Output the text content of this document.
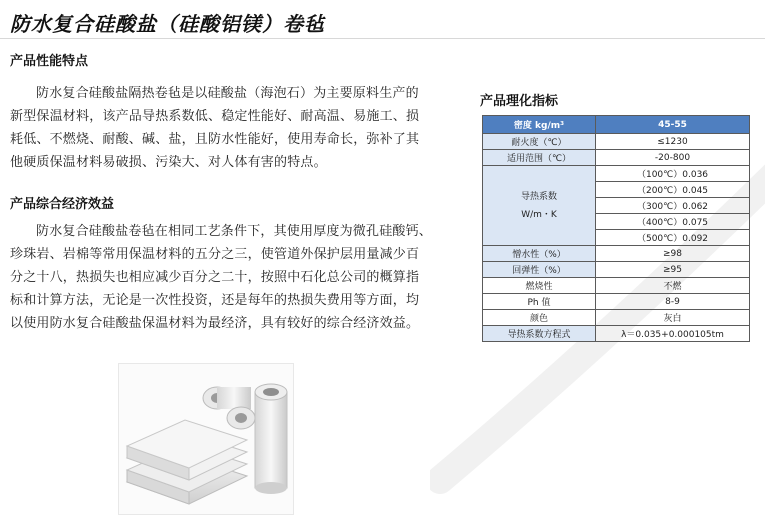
防水复合硅酸盐（硅酸铝镁）卷毡
产品性能特点
防水复合硅酸盐隔热卷毡是以硅酸盐（海泡石）为主要原料生产的
新型保温材料，该产品导热系数低、稳定性能好、耐高温、易施工、损
耗低、不燃烧、耐酸、碱、盐，且防水性能好，使用寿命长，弥补了其
他硬质保温材料易破损、污染大、对人体有害的特点。
产品综合经济效益
防水复合硅酸盐卷毡在相同工艺条件下，其使用厚度为微孔硅酸钙、
珍珠岩、岩棉等常用保温材料的五分之三，使管道外保护层用量减少百
分之十八，热损失也相应减少百分之二十，按照中石化总公司的概算指
标和计算方法，无论是一次性投资，还是每年的热损失费用等方面，均
以使用防水复合硅酸盐保温材料为最经济，具有较好的综合经济效益。
产品理化指标
密度 kg/m³	45-55
耐火度（℃）	≤1230
适用范围（℃）	-20-800

导热系数
W/m・K	（100℃）0.036
	（200℃）0.045
	（300℃）0.062
	（400℃）0.075
	（500℃）0.092
憎水性（%）	≥98
回弹性（%）	≥95
燃烧性	不燃
Ph 值	8-9
颜色	灰白
导热系数方程式	λ＝0.035+0.000105tm
